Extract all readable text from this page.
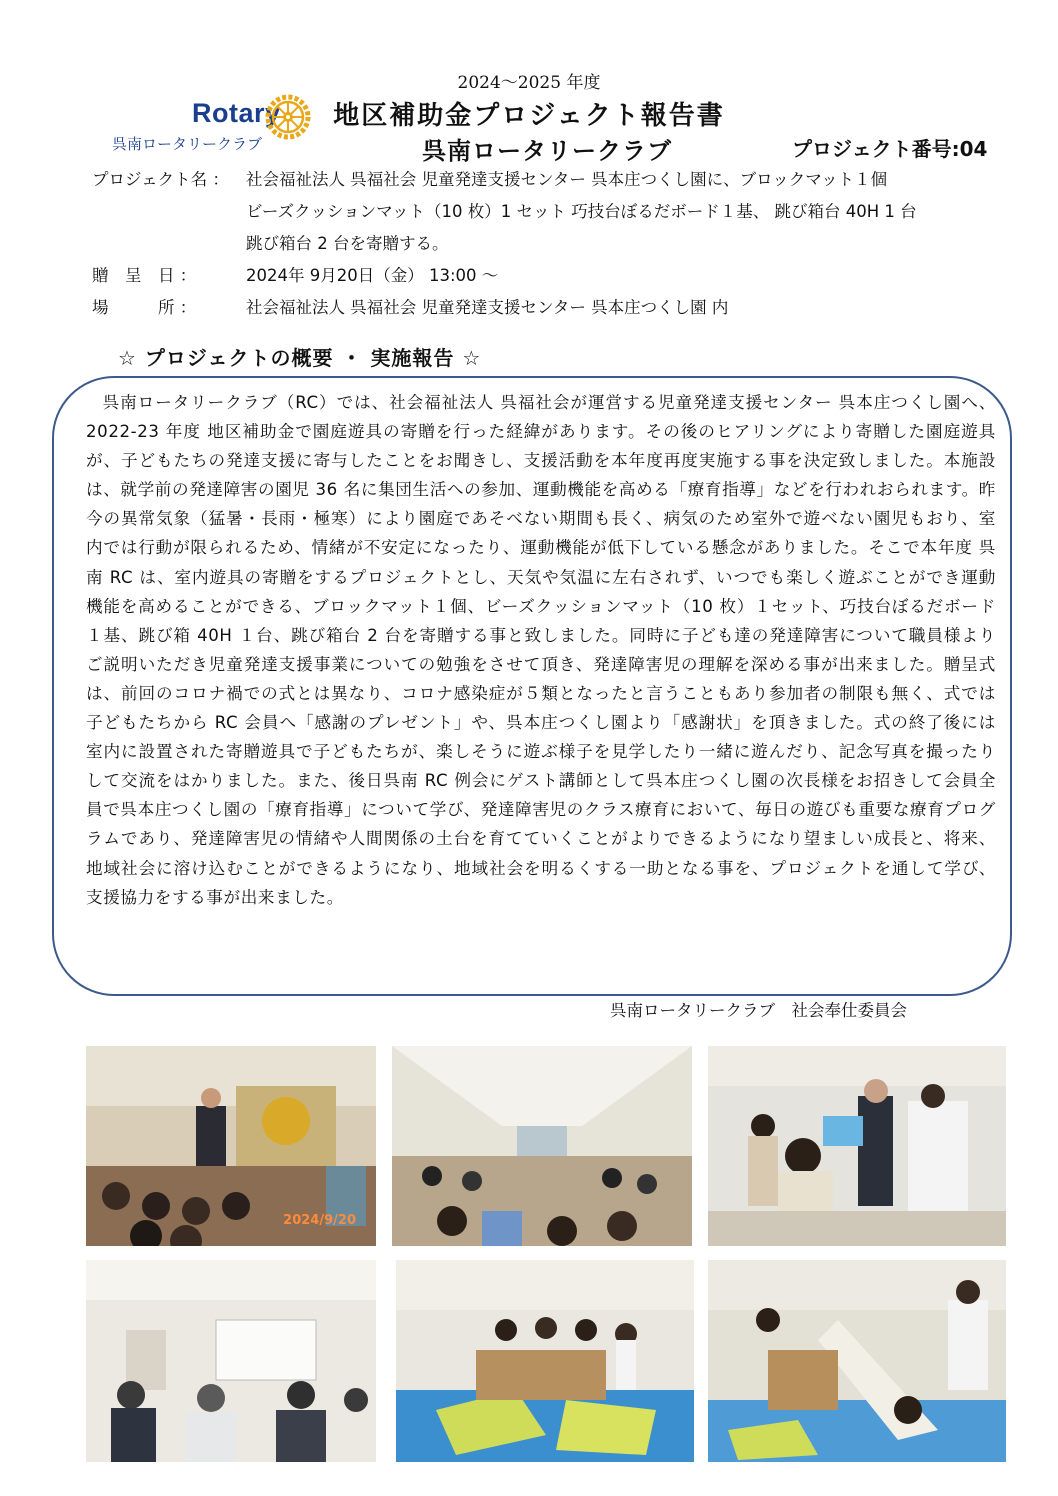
Rotary
呉南ロータリークラブ
2024～2025 年度
地区補助金プロジェクト報告書
呉南ロータリークラブ	プロジェクト番号:04
プロジェクト名 ： 社会福祉法人 呉福社会 児童発達支援センター 呉本庄つくし園に、ブロックマット１個
ビーズクッションマット（10 枚）1 セット 巧技台ぼるだボード１基、 跳び箱台 40H 1 台
跳び箱台 2 台を寄贈する。
贈　呈　日 ：	2024年 9月20日（金） 13:00 ～
場　　　所 ：	社会福祉法人 呉福社会 児童発達支援センター 呉本庄つくし園 内
☆ プロジェクトの概要 ・ 実施報告 ☆
呉南ロータリークラブ（RC）では、社会福祉法人 呉福社会が運営する児童発達支援センター 呉本庄つくし園へ、2022-23 年度 地区補助金で園庭遊具の寄贈を行った経緯があります。その後のヒアリングにより寄贈した園庭遊具が、子どもたちの発達支援に寄与したことをお聞きし、支援活動を本年度再度実施する事を決定致しました。本施設は、就学前の発達障害の園児 36 名に集団生活への参加、運動機能を高める「療育指導」などを行われおられます。昨今の異常気象（猛暑・長雨・極寒）により園庭であそべない期間も長く、病気のため室外で遊べない園児もおり、室内では行動が限られるため、情緒が不安定になったり、運動機能が低下している懸念がありました。そこで本年度 呉南 RC は、室内遊具の寄贈をするプロジェクトとし、天気や気温に左右されず、いつでも楽しく遊ぶことができ運動機能を高めることができる、ブロックマット１個、ビーズクッションマット（10 枚）１セット、巧技台ぼるだボード１基、跳び箱 40H １台、跳び箱台 2 台を寄贈する事と致しました。同時に子ども達の発達障害について職員様よりご説明いただき児童発達支援事業についての勉強をさせて頂き、発達障害児の理解を深める事が出来ました。贈呈式は、前回のコロナ禍での式とは異なり、コロナ感染症が５類となったと言うこともあり参加者の制限も無く、式では子どもたちから RC 会員へ「感謝のプレゼント」や、呉本庄つくし園より「感謝状」を頂きました。式の終了後には室内に設置された寄贈遊具で子どもたちが、楽しそうに遊ぶ様子を見学したり一緒に遊んだり、記念写真を撮ったりして交流をはかりました。また、後日呉南 RC 例会にゲスト講師として呉本庄つくし園の次長様をお招きして会員全員で呉本庄つくし園の「療育指導」について学び、発達障害児のクラス療育において、毎日の遊びも重要な療育プログラムであり、発達障害児の情緒や人間関係の土台を育てていくことがよりできるようになり望ましい成長と、将来、地域社会に溶け込むことができるようになり、地域社会を明るくする一助となる事を、プロジェクトを通して学び、支援協力をする事が出来ました。
呉南ロータリークラブ　社会奉仕委員会
2024/9/20
